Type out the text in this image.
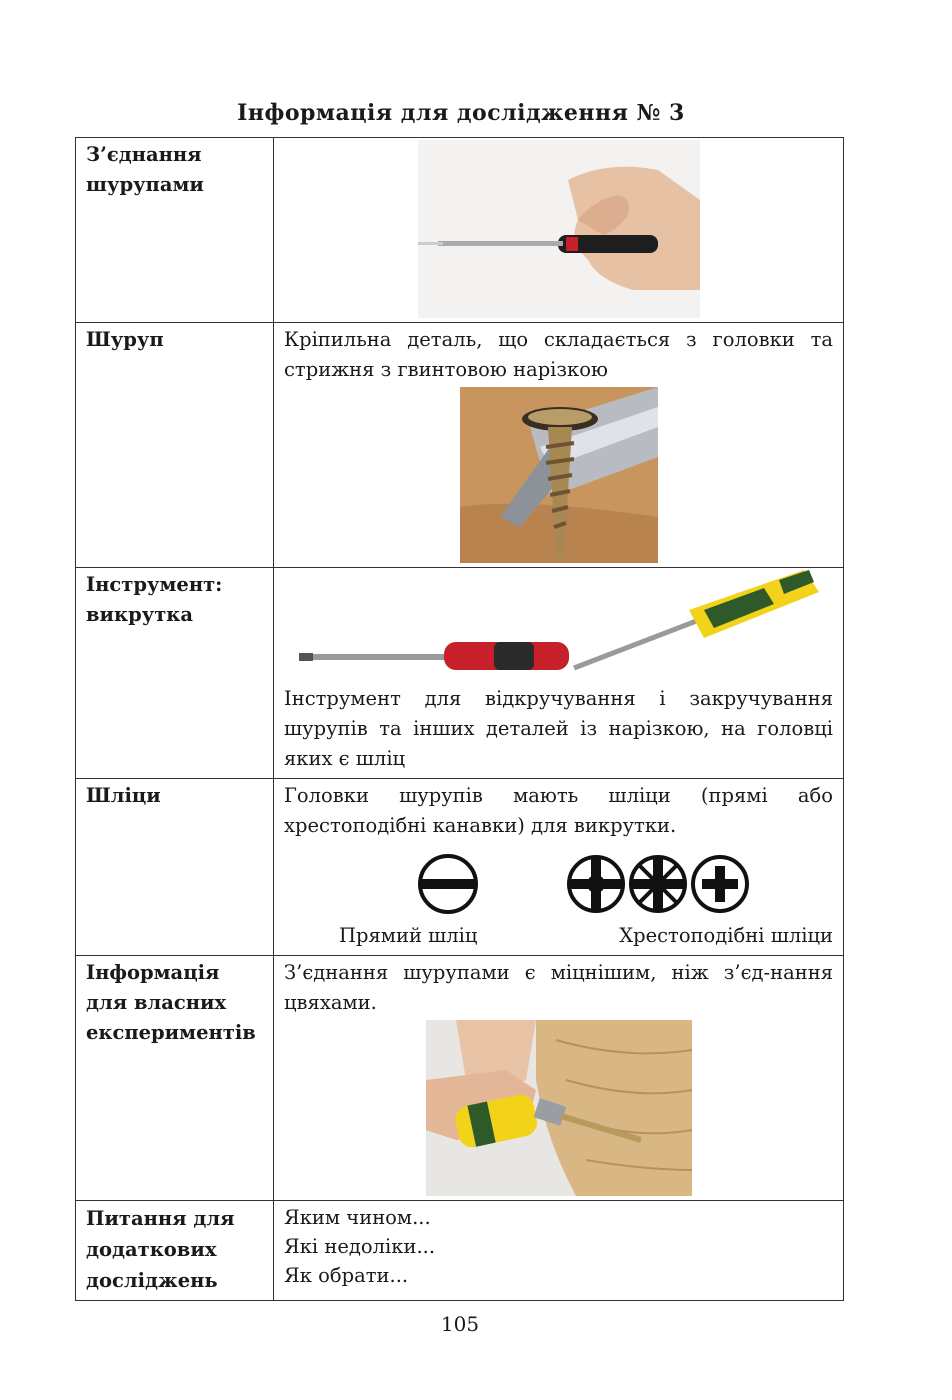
Інформація для дослідження № 3
З’єднання шурупами	

Шуруп	Кріпильна деталь, що складається з головки та стрижня з гвинтовою нарізкою

Інструмент: викрутка	Інструмент для відкручування і закручування шурупів та інших деталей із нарізкою, на головці яких є шліц

Шліци	Головки шурупів мають шліци (прямі або хрестоподібні канавки) для викрутки.
Прямий шліц Хрестоподібні шліци

Інформація для власних експериментів	З’єднання шурупами є міцнішим, ніж з’єд-нання цвяхами.

Питання для додаткових досліджень	Яким чином...
Які недоліки...
Як обрати...
105
